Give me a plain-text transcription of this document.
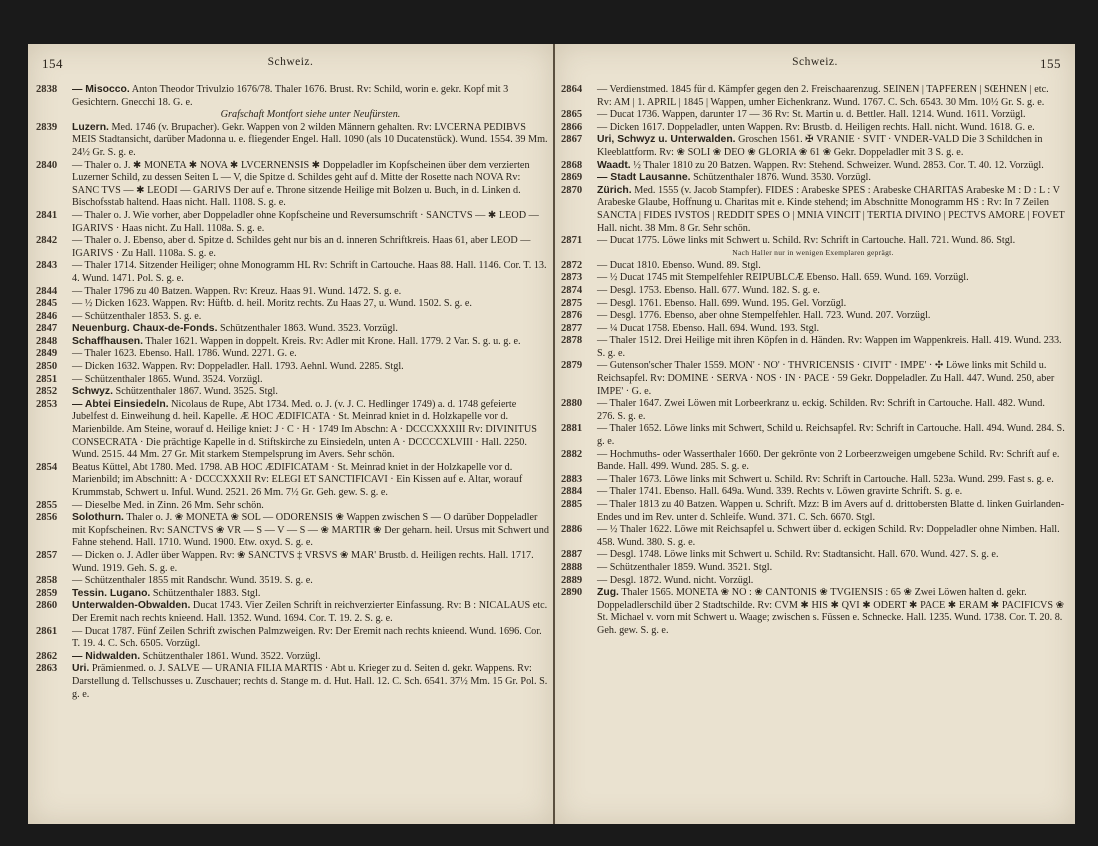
154	Schweiz.

2838 — Misocco. Anton Theodor Trivulzio 1676/78. Thaler 1676. Brust. Rv: Schild, worin e. gekr. Kopf mit 3 Gesichtern. Gnecchi 18. G. e.

Grafschaft Montfort siehe unter Neufürsten.

2839 Luzern. Med. 1746 (v. Brupacher). Gekr. Wappen von 2 wilden Männern gehalten. Rv: LVCERNA PEDIBVS MEIS Stadtansicht, darüber Madonna u. e. fliegender Engel. Hall. 1090 (als 10 Ducatenstück). Wund. 1554. 39 Mm. 24½ Gr. S. g. e.

2840 — Thaler o. J. ✱ MONETA ✱ NOVA ✱ LVCERNENSIS ✱ Doppeladler im Kopfscheinen über dem verzierten Luzerner Schild, zu dessen Seiten L — V, die Spitze d. Schildes geht auf d. Mitte der Rosette nach NOVA Rv: SANC TVS — ✱ LEODI — GARIVS Der auf e. Throne sitzende Heilige mit Bolzen u. Buch, in d. Linken d. Bischofsstab haltend. Haas nicht. Hall. 1108. S. g. e.

2841 — Thaler o. J. Wie vorher, aber Doppeladler ohne Kopfscheine und Reversumschrift · SANCTVS — ✱ LEOD — IGARIVS · Haas nicht. Zu Hall. 1108a. S. g. e.

2842 — Thaler o. J. Ebenso, aber d. Spitze d. Schildes geht nur bis an d. inneren Schriftkreis. Haas 61, aber LEOD — IGARIVS · Zu Hall. 1108a. S. g. e.

2843 — Thaler 1714. Sitzender Heiliger; ohne Monogramm HL Rv: Schrift in Cartouche. Haas 88. Hall. 1146. Cor. T. 13. 4. Wund. 1471. Pol. S. g. e.

2844 — Thaler 1796 zu 40 Batzen. Wappen. Rv: Kreuz. Haas 91. Wund. 1472. S. g. e.

2845 — ½ Dicken 1623. Wappen. Rv: Hüftb. d. heil. Moritz rechts. Zu Haas 27, u. Wund. 1502. S. g. e.

2846 — Schützenthaler 1853. S. g. e.

2847 Neuenburg. Chaux-de-Fonds. Schützenthaler 1863. Wund. 3523. Vorzügl.

2848 Schaffhausen. Thaler 1621. Wappen in doppelt. Kreis. Rv: Adler mit Krone. Hall. 1779. 2 Var. S. g. u. g. e.

2849 — Thaler 1623. Ebenso. Hall. 1786. Wund. 2271. G. e.

2850 — Dicken 1632. Wappen. Rv: Doppeladler. Hall. 1793. Aehnl. Wund. 2285. Stgl.

2851 — Schützenthaler 1865. Wund. 3524. Vorzügl.

2852 Schwyz. Schützenthaler 1867. Wund. 3525. Stgl.

2853 — Abtei Einsiedeln. Nicolaus de Rupe, Abt 1734. Med. o. J. (v. J. C. Hedlinger 1749) a. d. 1748 gefeierte Jubelfest d. Einweihung d. heil. Kapelle. Æ HOC ÆDIFICATA · St. Meinrad kniet in d. Holzkapelle vor d. Marienbilde. Am Steine, worauf d. Heilige kniet: J · C · H · 1749 Im Abschn: A · DCCCXXXIII Rv: DIVINITUS CONSECRATA · Die prächtige Kapelle in d. Stiftskirche zu Einsiedeln, unten A · DCCCCXLVIII · Hall. 2250. Wund. 2515. 44 Mm. 27 Gr. Mit starkem Stempelsprung im Avers. Sehr schön.

2854 Beatus Küttel, Abt 1780. Med. 1798. AB HOC ÆDIFICATAM · St. Meinrad kniet in der Holzkapelle vor d. Marienbild; im Abschnitt: A · DCCCXXXII Rv: ELEGI ET SANCTIFICAVI · Ein Kissen auf e. Altar, worauf Krummstab, Schwert u. Inful. Wund. 2521. 26 Mm. 7½ Gr. Geh. gew. S. g. e.

2855 — Dieselbe Med. in Zinn. 26 Mm. Sehr schön.

2856 Solothurn. Thaler o. J. ❀ MONETA ❀ SOL — ODORENSIS ❀ Wappen zwischen S — O darüber Doppeladler mit Kopfscheinen. Rv: SANCTVS ❀ VR — S — V — S — ❀ MARTIR ❀ Der geharn. heil. Ursus mit Schwert und Fahne stehend. Hall. 1710. Wund. 1900. Etw. oxyd. S. g. e.

2857 — Dicken o. J. Adler über Wappen. Rv: ❀ SANCTVS ‡ VRSVS ❀ MAR' Brustb. d. Heiligen rechts. Hall. 1717. Wund. 1919. Geh. S. g. e.

2858 — Schützenthaler 1855 mit Randschr. Wund. 3519. S. g. e.

2859 Tessin. Lugano. Schützenthaler 1883. Stgl.

2860 Unterwalden-Obwalden. Ducat 1743. Vier Zeilen Schrift in reichverzierter Einfassung. Rv: B : NICALAUS etc. Der Eremit nach rechts knieend. Hall. 1352. Wund. 1694. Cor. T. 19. 2. S. g. e.

2861 — Ducat 1787. Fünf Zeilen Schrift zwischen Palmzweigen. Rv: Der Eremit nach rechts knieend. Wund. 1696. Cor. T. 19. 4. C. Sch. 6505. Vorzügl.

2862 — Nidwalden. Schützenthaler 1861. Wund. 3522. Vorzügl.

2863 Uri. Prämienmed. o. J. SALVE — URANIA FILIA MARTIS · Abt u. Krieger zu d. Seiten d. gekr. Wappens. Rv: Darstellung d. Tellschusses u. Zuschauer; rechts d. Stange m. d. Hut. Hall. 12. C. Sch. 6541. 37½ Mm. 15 Gr. Pol. S. g. e.

Schweiz.	155

2864 — Verdienstmed. 1845 für d. Kämpfer gegen den 2. Freischaarenzug. SEINEN | TAPFEREN | SŒHNEN | etc. Rv: AM | 1. APRIL | 1845 | Wappen, umher Eichenkranz. Wund. 1767. C. Sch. 6543. 30 Mm. 10½ Gr. S. g. e.

2865 — Ducat 1736. Wappen, darunter 17 — 36 Rv: St. Martin u. d. Bettler. Hall. 1214. Wund. 1611. Vorzügl.

2866 — Dicken 1617. Doppeladler, unten Wappen. Rv: Brustb. d. Heiligen rechts. Hall. nicht. Wund. 1618. G. e.

2867 Uri, Schwyz u. Unterwalden. Groschen 1561. ✠ VRANIE · SVIT · VNDER-VALD Die 3 Schildchen in Kleeblattform. Rv: ❀ SOLI ❀ DEO ❀ GLORIA ❀ 61 ❀ Gekr. Doppeladler mit 3 S. g. e.

2868 Waadt. ½ Thaler 1810 zu 20 Batzen. Wappen. Rv: Stehend. Schweizer. Wund. 2853. Cor. T. 40. 12. Vorzügl.

2869 — Stadt Lausanne. Schützenthaler 1876. Wund. 3530. Vorzügl.

2870 Zürich. Med. 1555 (v. Jacob Stampfer). FIDES : Arabeske SPES : Arabeske CHARITAS Arabeske M : D : L : V Arabeske Glaube, Hoffnung u. Charitas mit e. Kinde stehend; im Abschnitte Monogramm HS : Rv: In 7 Zeilen SANCTA | FIDES IVSTOS | REDDIT SPES O | MNIA VINCIT | TERTIA DIVINO | PECTVS AMORE | FOVET Hall. nicht. 38 Mm. 8 Gr. Sehr schön.

2871 — Ducat 1775. Löwe links mit Schwert u. Schild. Rv: Schrift in Cartouche. Hall. 721. Wund. 86. Stgl.

Nach Haller nur in wenigen Exemplaren geprägt.

2872 — Ducat 1810. Ebenso. Wund. 89. Stgl.

2873 — ½ Ducat 1745 mit Stempelfehler REIPUBLCÆ Ebenso. Hall. 659. Wund. 169. Vorzügl.

2874 — Desgl. 1753. Ebenso. Hall. 677. Wund. 182. S. g. e.

2875 — Desgl. 1761. Ebenso. Hall. 699. Wund. 195. Gel. Vorzügl.

2876 — Desgl. 1776. Ebenso, aber ohne Stempelfehler. Hall. 723. Wund. 207. Vorzügl.

2877 — ¼ Ducat 1758. Ebenso. Hall. 694. Wund. 193. Stgl.

2878 — Thaler 1512. Drei Heilige mit ihren Köpfen in d. Händen. Rv: Wappen im Wappenkreis. Hall. 419. Wund. 233. S. g. e.

2879 — Gutenson'scher Thaler 1559. MON' · NO' · THVRICENSIS · CIVIT' · IMPE' · ✣ Löwe links mit Schild u. Reichsapfel. Rv: DOMINE · SERVA · NOS · IN · PACE · 59 Gekr. Doppeladler. Zu Hall. 447. Wund. 250, aber IMPE' · G. e.

2880 — Thaler 1647. Zwei Löwen mit Lorbeerkranz u. eckig. Schilden. Rv: Schrift in Cartouche. Hall. 482. Wund. 276. S. g. e.

2881 — Thaler 1652. Löwe links mit Schwert, Schild u. Reichsapfel. Rv: Schrift in Cartouche. Hall. 494. Wund. 284. S. g. e.

2882 — Hochmuths- oder Wasserthaler 1660. Der gekrönte von 2 Lorbeerzweigen umgebene Schild. Rv: Schrift auf e. Bande. Hall. 499. Wund. 285. S. g. e.

2883 — Thaler 1673. Löwe links mit Schwert u. Schild. Rv: Schrift in Cartouche. Hall. 523a. Wund. 299. Fast s. g. e.

2884 — Thaler 1741. Ebenso. Hall. 649a. Wund. 339. Rechts v. Löwen gravirte Schrift. S. g. e.

2885 — Thaler 1813 zu 40 Batzen. Wappen u. Schrift. Mzz: B im Avers auf d. drittobersten Blatte d. linken Guirlanden-Endes und im Rev. unter d. Schleife. Wund. 371. C. Sch. 6670. Stgl.

2886 — ½ Thaler 1622. Löwe mit Reichsapfel u. Schwert über d. eckigen Schild. Rv: Doppeladler ohne Nimben. Hall. 458. Wund. 380. S. g. e.

2887 — Desgl. 1748. Löwe links mit Schwert u. Schild. Rv: Stadtansicht. Hall. 670. Wund. 427. S. g. e.

2888 — Schützenthaler 1859. Wund. 3521. Stgl.

2889 — Desgl. 1872. Wund. nicht. Vorzügl.

2890 Zug. Thaler 1565. MONETA ❀ NO : ❀ CANTONIS ❀ TVGIENSIS : 65 ❀ Zwei Löwen halten d. gekr. Doppeladlerschild über 2 Stadtschilde. Rv: CVM ✱ HIS ✱ QVI ✱ ODERT ✱ PACE ✱ ERAM ✱ PACIFICVS ❀ St. Michael v. vorn mit Schwert u. Waage; zwischen s. Füssen e. Schnecke. Hall. 1235. Wund. 1738. Cor. T. 20. 8. Geh. gew. S. g. e.
